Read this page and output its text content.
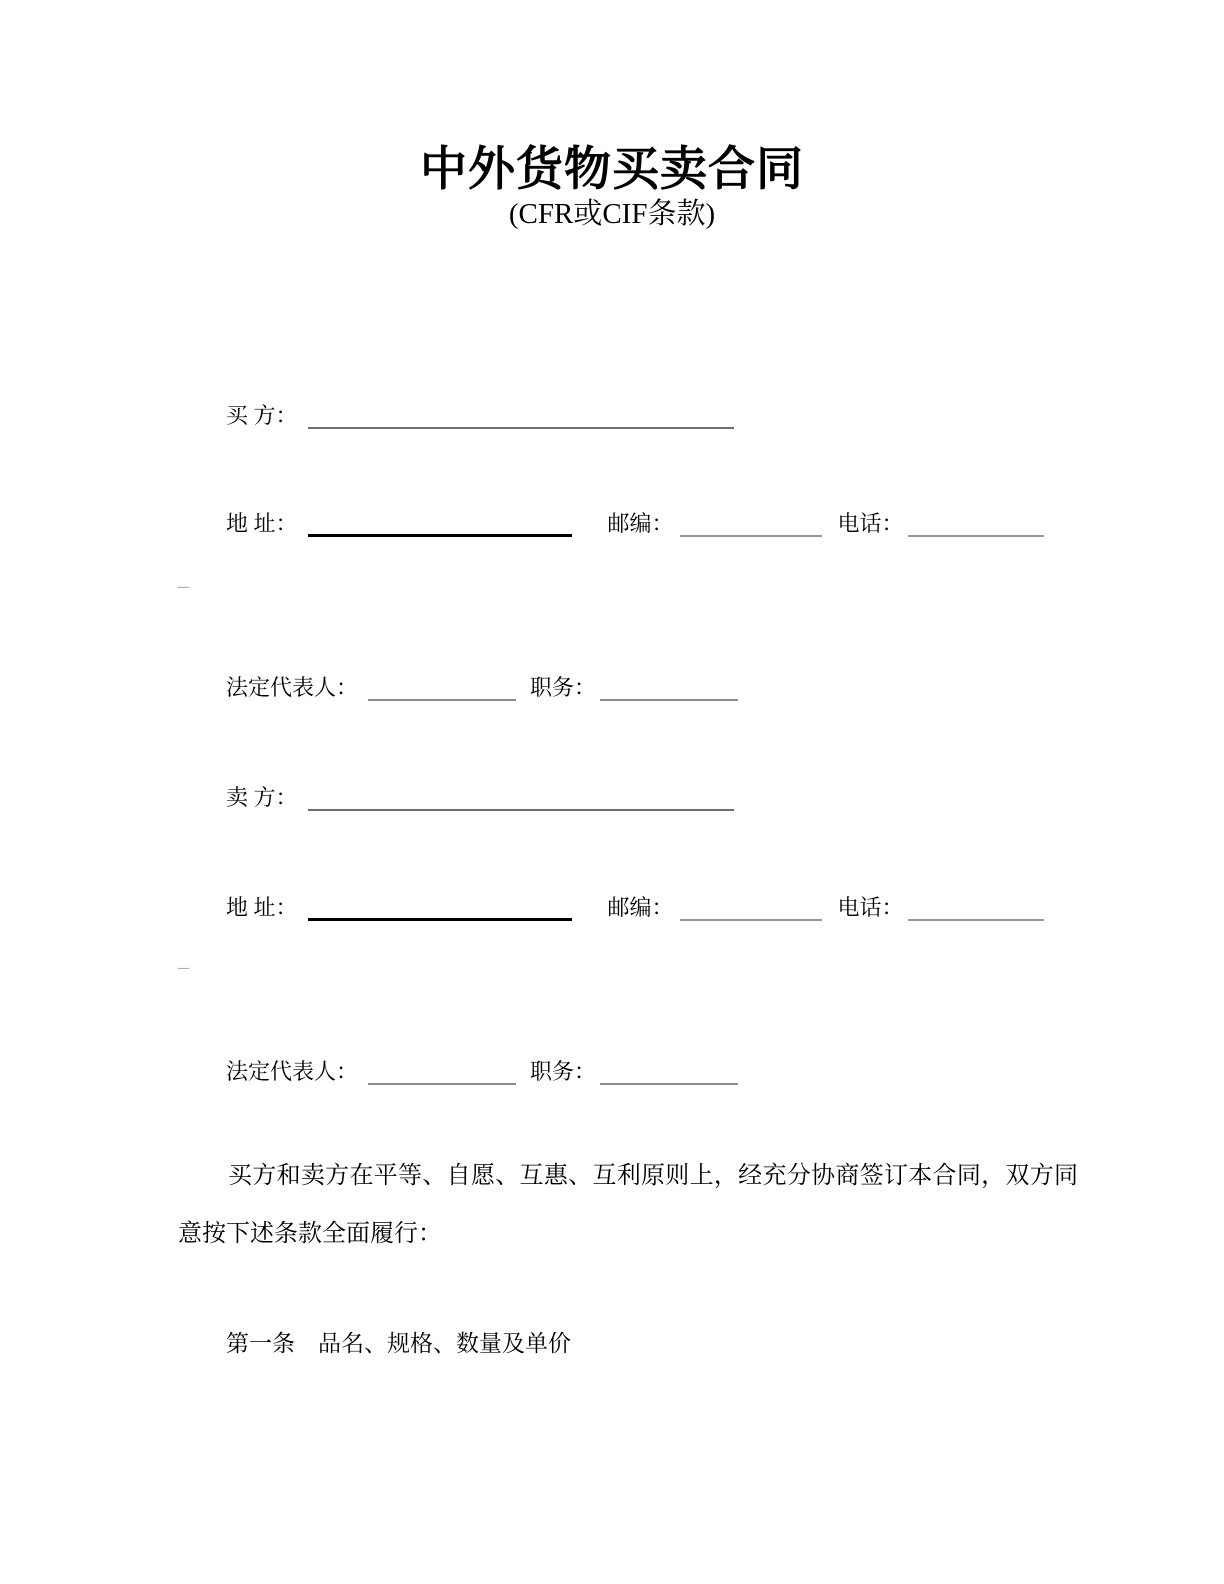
中外货物买卖合同
(CFR或CIF条款)
买 方：
地 址：	邮编：	电话：
_
法定代表人：	职务：
卖 方：
地 址：	邮编：	电话：
_
法定代表人：	职务：
买方和卖方在平等、自愿、互惠、互利原则上，经充分协商签订本合同，双方同意按下述条款全面履行：
第一条　品名、规格、数量及单价
